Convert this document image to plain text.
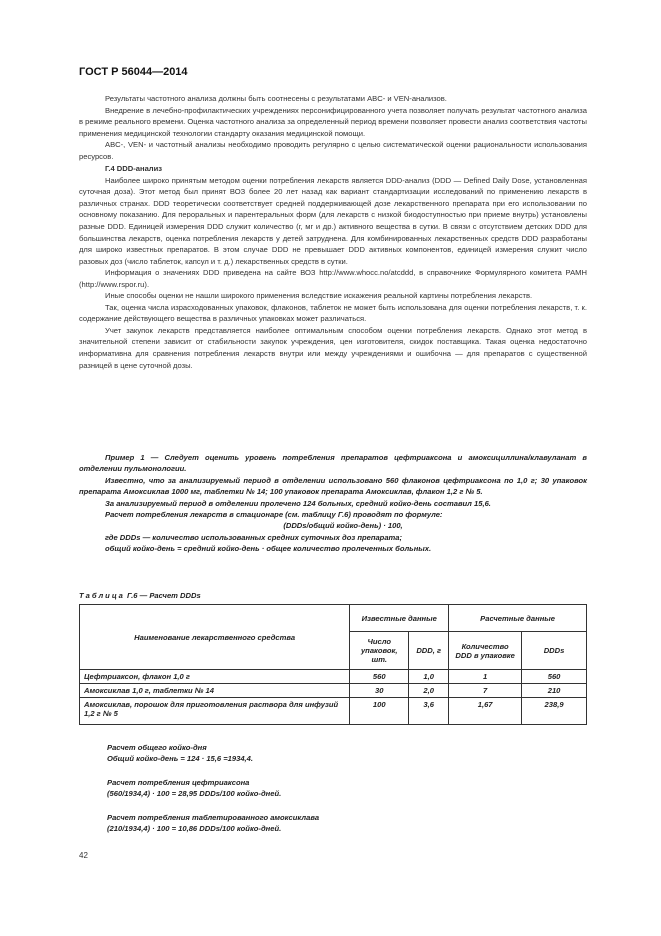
ГОСТ Р 56044—2014

Результаты частотного анализа должны быть соотнесены с результатами ABC- и VEN-анализов.

Внедрение в лечебно-профилактических учреждениях персонифицированного учета позволяет получать результат частотного анализа в режиме реального времени. Оценка частотного анализа за определенный период времени позволяет провести анализ соответствия частоты применения медицинской технологии стандарту оказания медицинской помощи.

ABC-, VEN- и частотный анализы необходимо проводить регулярно с целью систематической оценки рациональности использования ресурсов.

Г.4 DDD-анализ

Наиболее широко принятым методом оценки потребления лекарств является DDD-анализ (DDD — Defined Daily Dose, установленная суточная доза). Этот метод был принят ВОЗ более 20 лет назад как вариант стандартизации исследований по применению лекарств в различных странах. DDD теоретически соответствует средней поддерживающей дозе лекарственного препарата при его использовании по основному показанию. Для пероральных и парентеральных форм (для лекарств с низкой биодоступностью при приеме внутрь) установлены разные DDD. Единицей измерения DDD служит количество (г, мг и др.) активного вещества в сутки. В связи с отсутствием детских DDD для большинства лекарств, оценка потребления лекарств у детей затруднена. Для комбинированных лекарственных средств DDD разработаны для широко известных препаратов. В этом случае DDD не превышает DDD активных компонентов, единицей измерения служит число разовых доз (число таблеток, капсул и т. д.) лекарственных средств в сутки.

Информация о значениях DDD приведена на сайте ВОЗ http://www.whocc.no/atcddd, в справочнике Формулярного комитета РАМН (http://www.rspor.ru).

Иные способы оценки не нашли широкого применения вследствие искажения реальной картины потребления лекарств.

Так, оценка числа израсходованных упаковок, флаконов, таблеток не может быть использована для оценки потребления лекарств, т. к. содержание действующего вещества в различных упаковках может различаться.

Учет закупок лекарств представляется наиболее оптимальным способом оценки потребления лекарств. Однако этот метод в значительной степени зависит от стабильности закупок учреждения, цен изготовителя, скидок поставщика. Такая оценка недостаточно информативна для сравнения потребления лекарств внутри или между учреждениями и ошибочна — для препаратов с существенной разницей в цене суточной дозы.

Пример 1 — Следует оценить уровень потребления препаратов цефтриаксона и амоксициллина/клавуланат в отделении пульмонологии.

Известно, что за анализируемый период в отделении использовано 560 флаконов цефтриаксона по 1,0 г; 30 упаковок препарата Амоксиклав 1000 мг, таблетки № 14; 100 упаковок препарата Амоксиклав, флакон 1,2 г № 5.

За анализируемый период в отделении пролечено 124 больных, средний койко-день составил 15,6.

Расчет потребления лекарств в стационаре (см. таблицу Г.6) проводят по формуле:

(DDDs/общий койко-день) · 100,

где DDDs — количество использованных средних суточных доз препарата;

общий койко-день = средний койко-день · общее количество пролеченных больных.

Таблица Г.6 — Расчет DDDs
Наименование лекарственного средства	Известные данные		Расчетные данные	
	Число упаковок, шт.	DDD, г	Количество DDD в упаковке	DDDs
Цефтриаксон, флакон 1,0 г	560	1,0	1	560
Амоксиклав 1,0 г, таблетки № 14	30	2,0	7	210
Амоксиклав, порошок для приготовления раствора для инфузий 1,2 г № 5	100	3,6	1,67	238,9

Расчет общего койко-дня

Общий койко-день = 124 · 15,6 =1934,4.

Расчет потребления цефтриаксона

(560/1934,4) · 100 = 28,95 DDDs/100 койко-дней.

Расчет потребления таблетированного амоксиклава

(210/1934,4) · 100 = 10,86 DDDs/100 койко-дней.

42
